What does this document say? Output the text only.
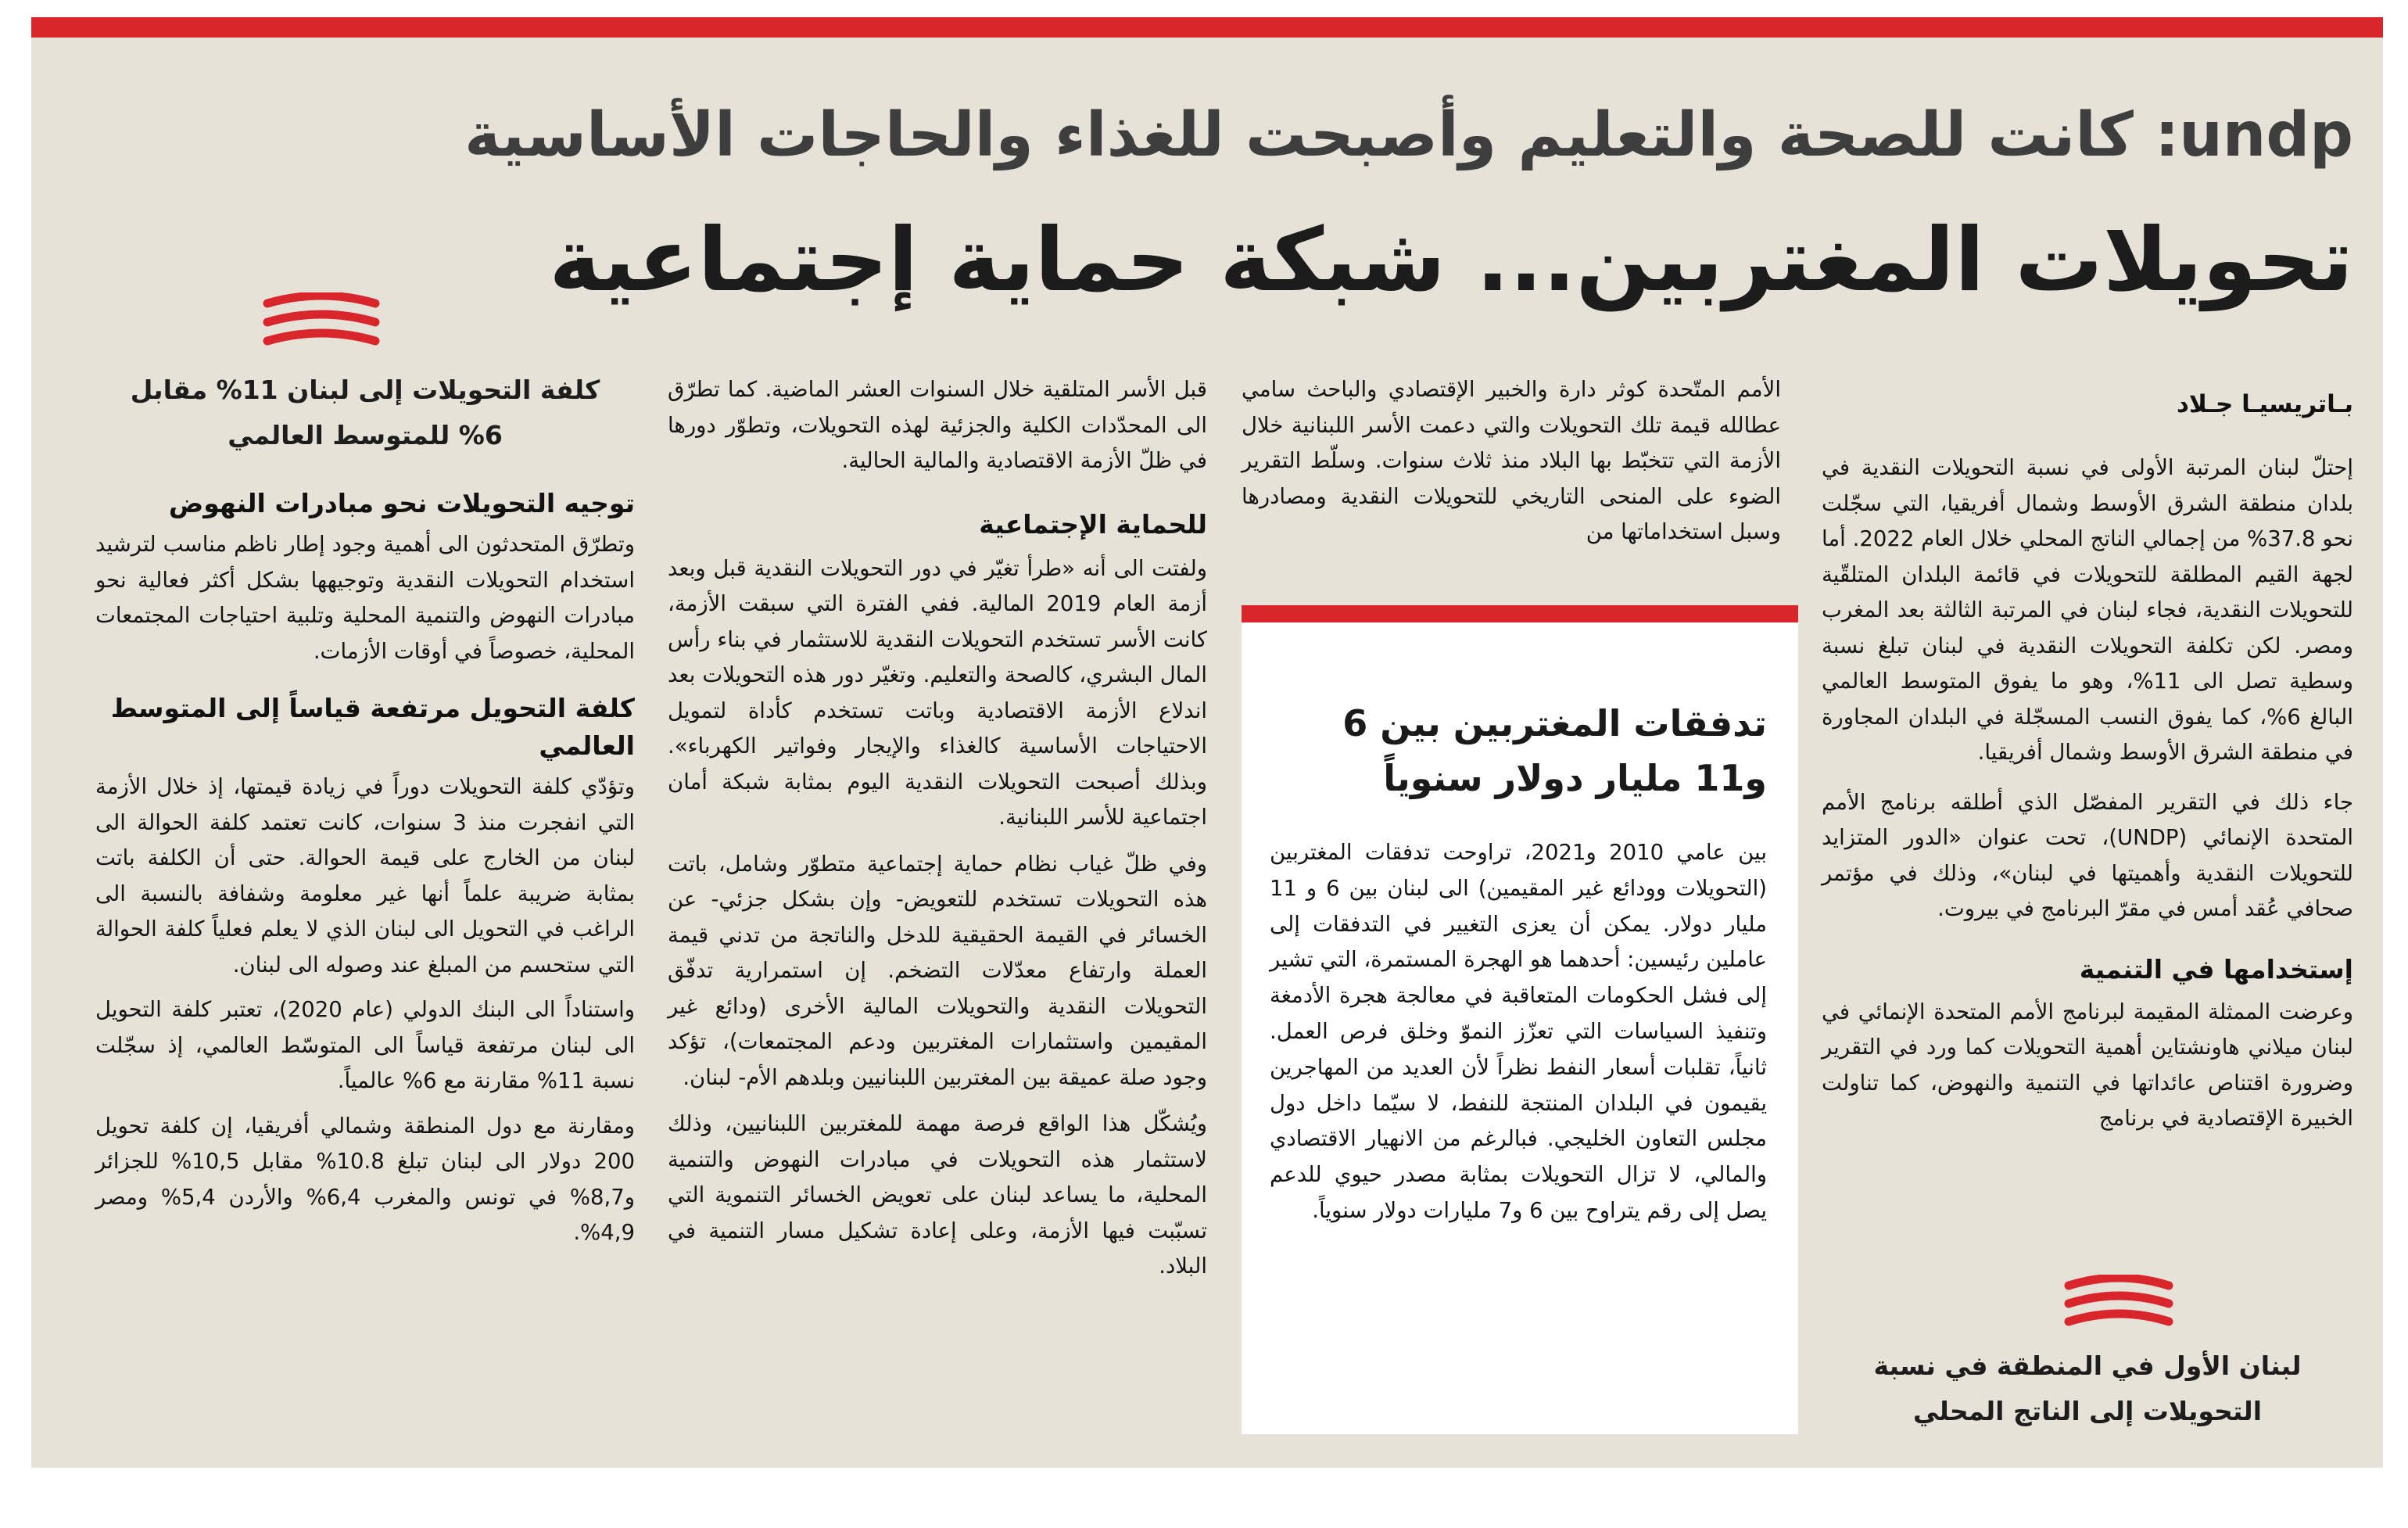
undp: كانت للصحة والتعليم وأصبحت للغذاء والحاجات الأساسية
تحويلات المغتربين... شبكة حماية إجتماعية

بـاتريسيـا جـلاد

إحتلّ لبنان المرتبة الأولى في نسبة التحويلات النقدية في بلدان منطقة الشرق الأوسط وشمال أفريقيا، التي سجّلت نحو 37.8% من إجمالي الناتج المحلي خلال العام 2022. أما لجهة القيم المطلقة للتحويلات في قائمة البلدان المتلقّية للتحويلات النقدية، فجاء لبنان في المرتبة الثالثة بعد المغرب ومصر. لكن تكلفة التحويلات النقدية في لبنان تبلغ نسبة وسطية تصل الى 11%، وهو ما يفوق المتوسط العالمي البالغ 6%، كما يفوق النسب المسجّلة في البلدان المجاورة في منطقة الشرق الأوسط وشمال أفريقيا.

جاء ذلك في التقرير المفصّل الذي أطلقه برنامج الأمم المتحدة الإنمائي (UNDP)، تحت عنوان «الدور المتزايد للتحويلات النقدية وأهميتها في لبنان»، وذلك في مؤتمر صحافي عُقد أمس في مقرّ البرنامج في بيروت.

إستخدامها في التنمية

وعرضت الممثلة المقيمة لبرنامج الأمم المتحدة الإنمائي في لبنان ميلاني هاونشتاين أهمية التحويلات كما ورد في التقرير وضرورة اقتناص عائداتها في التنمية والنهوض، كما تناولت الخبيرة الإقتصادية في برنامج

لبنان الأول في المنطقة في نسبة التحويلات إلى الناتج المحلي

الأمم المتّحدة كوثر دارة والخبير الإقتصادي والباحث سامي عطالله قيمة تلك التحويلات والتي دعمت الأسر اللبنانية خلال الأزمة التي تتخبّط بها البلاد منذ ثلاث سنوات. وسلّط التقرير الضوء على المنحى التاريخي للتحويلات النقدية ومصادرها وسبل استخداماتها من

تدفقات المغتربين بين 6 و11 مليار دولار سنوياً

بين عامي 2010 و2021، تراوحت تدفقات المغتربين (التحويلات وودائع غير المقيمين) الى لبنان بين 6 و 11 مليار دولار. يمكن أن يعزى التغيير في التدفقات إلى عاملين رئيسين: أحدهما هو الهجرة المستمرة، التي تشير إلى فشل الحكومات المتعاقبة في معالجة هجرة الأدمغة وتنفيذ السياسات التي تعزّز النموّ وخلق فرص العمل. ثانياً، تقلبات أسعار النفط نظراً لأن العديد من المهاجرين يقيمون في البلدان المنتجة للنفط، لا سيّما داخل دول مجلس التعاون الخليجي. فبالرغم من الانهيار الاقتصادي والمالي، لا تزال التحويلات بمثابة مصدر حيوي للدعم يصل إلى رقم يتراوح بين 6 و7 مليارات دولار سنوياً.

قبل الأسر المتلقية خلال السنوات العشر الماضية. كما تطرّق الى المحدّدات الكلية والجزئية لهذه التحويلات، وتطوّر دورها في ظلّ الأزمة الاقتصادية والمالية الحالية.

للحماية الإجتماعية

ولفتت الى أنه «طرأ تغيّر في دور التحويلات النقدية قبل وبعد أزمة العام 2019 المالية. ففي الفترة التي سبقت الأزمة، كانت الأسر تستخدم التحويلات النقدية للاستثمار في بناء رأس المال البشري، كالصحة والتعليم. وتغيّر دور هذه التحويلات بعد اندلاع الأزمة الاقتصادية وباتت تستخدم كأداة لتمويل الاحتياجات الأساسية كالغذاء والإيجار وفواتير الكهرباء». وبذلك أصبحت التحويلات النقدية اليوم بمثابة شبكة أمان اجتماعية للأسر اللبنانية.

وفي ظلّ غياب نظام حماية إجتماعية متطوّر وشامل، باتت هذه التحويلات تستخدم للتعويض- وإن بشكل جزئي- عن الخسائر في القيمة الحقيقية للدخل والناتجة من تدني قيمة العملة وارتفاع معدّلات التضخم. إن استمرارية تدفّق التحويلات النقدية والتحويلات المالية الأخرى (ودائع غير المقيمين واستثمارات المغتربين ودعم المجتمعات)، تؤكد وجود صلة عميقة بين المغتربين اللبنانيين وبلدهم الأم- لبنان.

ويُشكّل هذا الواقع فرصة مهمة للمغتربين اللبنانيين، وذلك لاستثمار هذه التحويلات في مبادرات النهوض والتنمية المحلية، ما يساعد لبنان على تعويض الخسائر التنموية التي تسبّبت فيها الأزمة، وعلى إعادة تشكيل مسار التنمية في البلاد.

كلفة التحويلات إلى لبنان 11% مقابل 6% للمتوسط العالمي

توجيه التحويلات نحو مبادرات النهوض

وتطرّق المتحدثون الى أهمية وجود إطار ناظم مناسب لترشيد استخدام التحويلات النقدية وتوجيهها بشكل أكثر فعالية نحو مبادرات النهوض والتنمية المحلية وتلبية احتياجات المجتمعات المحلية، خصوصاً في أوقات الأزمات.

كلفة التحويل مرتفعة قياساً إلى المتوسط العالمي

وتؤدّي كلفة التحويلات دوراً في زيادة قيمتها، إذ خلال الأزمة التي انفجرت منذ 3 سنوات، كانت تعتمد كلفة الحوالة الى لبنان من الخارج على قيمة الحوالة. حتى أن الكلفة باتت بمثابة ضريبة علماً أنها غير معلومة وشفافة بالنسبة الى الراغب في التحويل الى لبنان الذي لا يعلم فعلياً كلفة الحوالة التي ستحسم من المبلغ عند وصوله الى لبنان.

واستناداً الى البنك الدولي (عام 2020)، تعتبر كلفة التحويل الى لبنان مرتفعة قياساً الى المتوسّط العالمي، إذ سجّلت نسبة 11% مقارنة مع 6% عالمياً.

ومقارنة مع دول المنطقة وشمالي أفريقيا، إن كلفة تحويل 200 دولار الى لبنان تبلغ 10.8% مقابل 10,5% للجزائر و8,7% في تونس والمغرب 6,4% والأردن 5,4% ومصر 4,9%.
